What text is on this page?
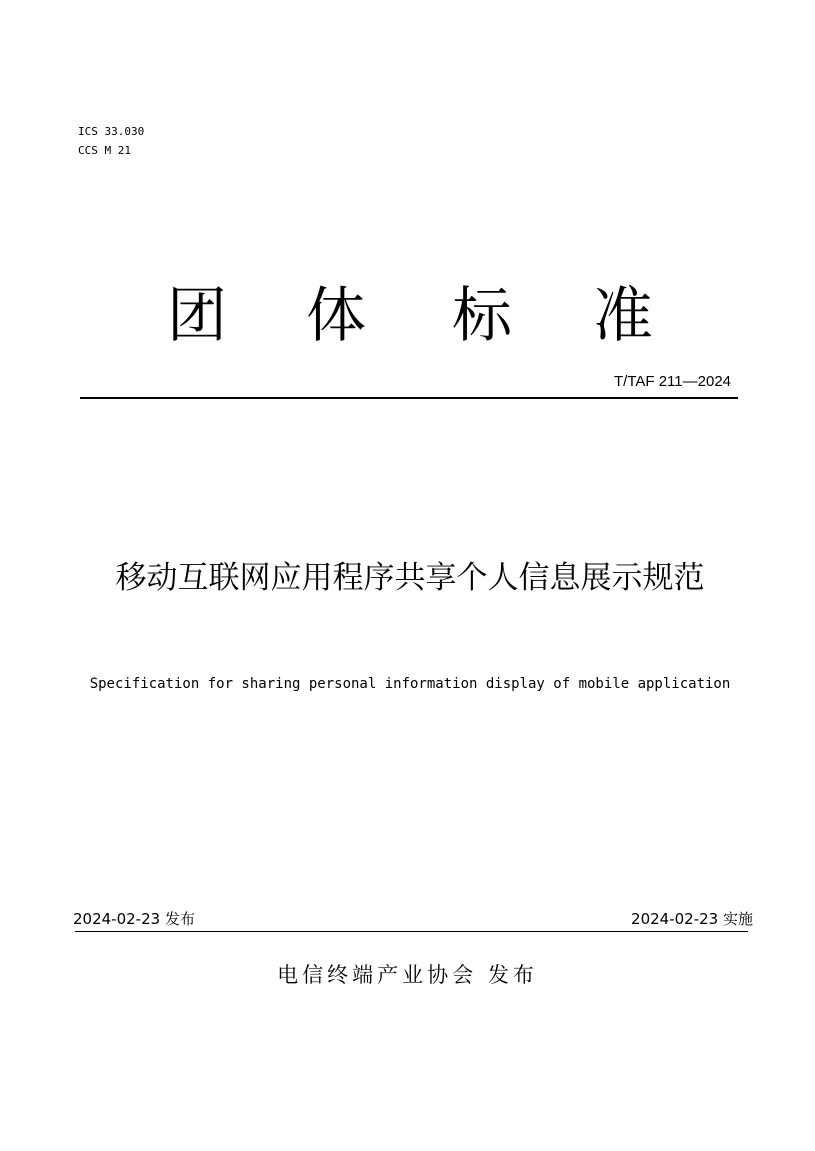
ICS 33.030
CCS M 21
团 体 标 准
T/TAF 211—2024
移动互联网应用程序共享个人信息展示规范
Specification for sharing personal information display of mobile application
2024-02-23 发布	2024-02-23 实施
电信终端产业协会 发布
